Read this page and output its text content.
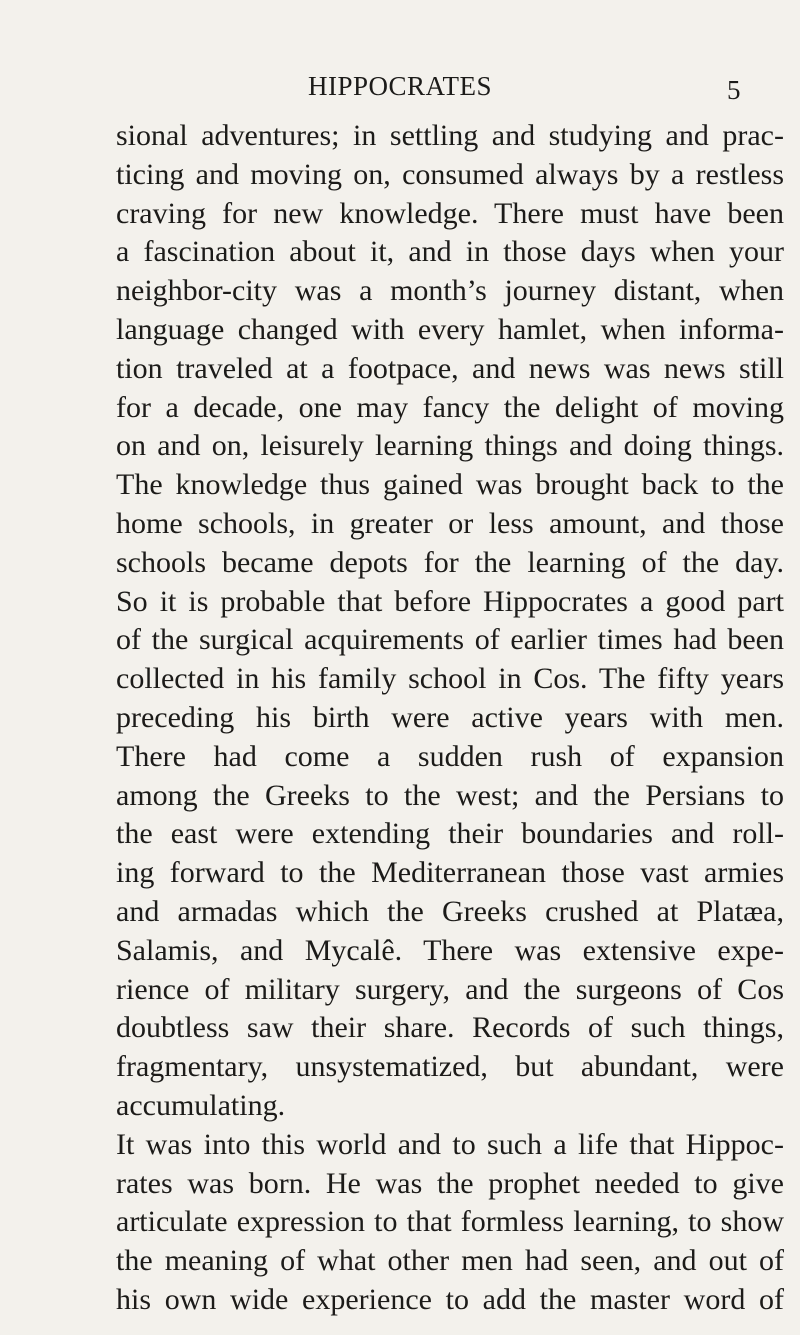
HIPPOCRATES	5
sional adventures; in settling and studying and prac-
ticing and moving on, consumed always by a restless
craving for new knowledge. There must have been
a fascination about it, and in those days when your
neighbor-city was a month’s journey distant, when
language changed with every hamlet, when informa-
tion traveled at a footpace, and news was news still
for a decade, one may fancy the delight of moving
on and on, leisurely learning things and doing things.
The knowledge thus gained was brought back to the
home schools, in greater or less amount, and those
schools became depots for the learning of the day.
So it is probable that before Hippocrates a good part
of the surgical acquirements of earlier times had been
collected in his family school in Cos. The fifty years
preceding his birth were active years with men.
There had come a sudden rush of expansion
among the Greeks to the west; and the Persians to
the east were extending their boundaries and roll-
ing forward to the Mediterranean those vast armies
and armadas which the Greeks crushed at Platæa,
Salamis, and Mycalê. There was extensive expe-
rience of military surgery, and the surgeons of Cos
doubtless saw their share. Records of such things,
fragmentary, unsystematized, but abundant, were
accumulating.
It was into this world and to such a life that Hippoc-
rates was born. He was the prophet needed to give
articulate expression to that formless learning, to show
the meaning of what other men had seen, and out of
his own wide experience to add the master word of
